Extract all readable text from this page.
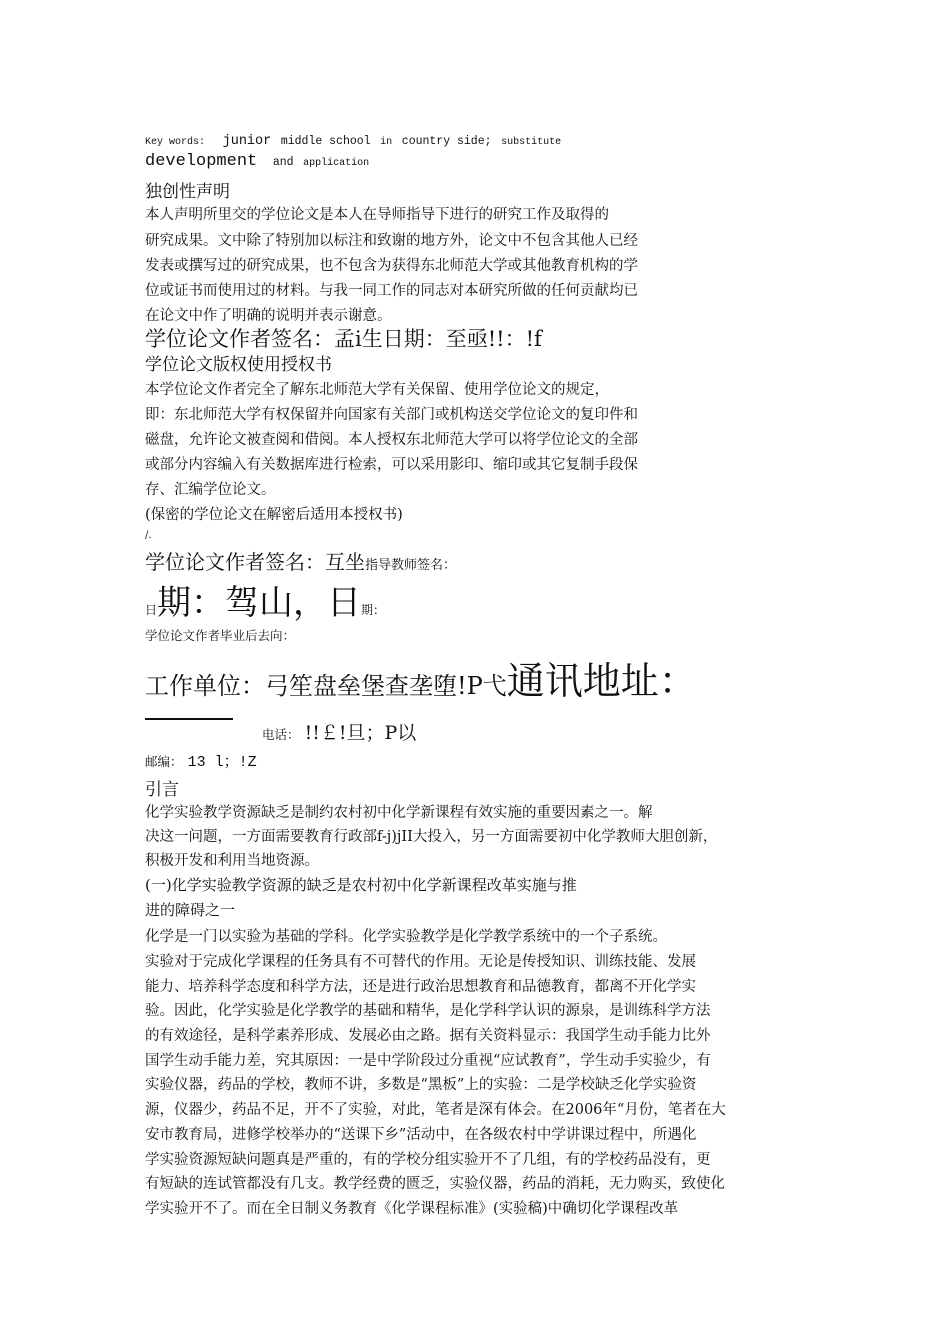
Key words: junior middle school in country side; substitute
development and application
独创性声明
本人声明所里交的学位论文是本人在导师指导下进行的研究工作及取得的
研究成果。文中除了特别加以标注和致谢的地方外，论文中不包含其他人已经
发表或撰写过的研究成果，也不包含为获得东北师范大学或其他教育机构的学
位或证书而使用过的材料。与我一同工作的同志对本研究所做的任何贡献均已
在论文中作了明确的说明并表示谢意。
学位论文作者签名：孟i生日期：至亟!!：!f
学位论文版权使用授权书
本学位论文作者完全了解东北师范大学有关保留、使用学位论文的规定，
即：东北师范大学有权保留并向国家有关部门或机构送交学位论文的复印件和
磁盘，允许论文被查阅和借阅。本人授权东北师范大学可以将学位论文的全部
或部分内容编入有关数据库进行检索，可以采用影印、缩印或其它复制手段保
存、汇编学位论文。
(保密的学位论文在解密后适用本授权书)
/.
学位论文作者签名：互坐指导教师签名：
日期：驾山，日期：
学位论文作者毕业后去向：
工作单位：弓笙盘垒堡查垄堕!P弋通讯地址：
电话： !!￡!旦；P以
邮编： 13 l；!Z
引言
化学实验教学资源缺乏是制约农村初中化学新课程有效实施的重要因素之一。解
决这一问题，一方面需要教育行政部f-j)jII大投入，另一方面需要初中化学教师大胆创新，
积极开发和利用当地资源。
(一)化学实验教学资源的缺乏是农村初中化学新课程改革实施与推
进的障碍之一
化学是一门以实验为基础的学科。化学实验教学是化学教学系统中的一个子系统。
实验对于完成化学课程的任务具有不可替代的作用。无论是传授知识、训练技能、发展
能力、培养科学态度和科学方法，还是进行政治思想教育和品德教育，都离不开化学实
验。因此，化学实验是化学教学的基础和精华，是化学科学认识的源泉，是训练科学方法
的有效途径，是科学素养形成、发展必由之路。据有关资料显示：我国学生动手能力比外
国学生动手能力差，究其原因：一是中学阶段过分重视“应试教育”，学生动手实验少，有
实验仪器，药品的学校，教师不讲，多数是“黑板”上的实验：二是学校缺乏化学实验资
源，仪器少，药品不足，开不了实验，对此，笔者是深有体会。在2006年“月份，笔者在大
安市教育局，进修学校举办的“送课下乡”活动中，在各级农村中学讲课过程中，所遇化
学实验资源短缺问题真是严重的，有的学校分组实验开不了几组，有的学校药品没有，更
有短缺的连试管都没有几支。教学经费的匮乏，实验仪器，药品的消耗，无力购买，致使化
学实验开不了。而在全日制义务教育《化学课程标准》(实验稿)中确切化学课程改革
